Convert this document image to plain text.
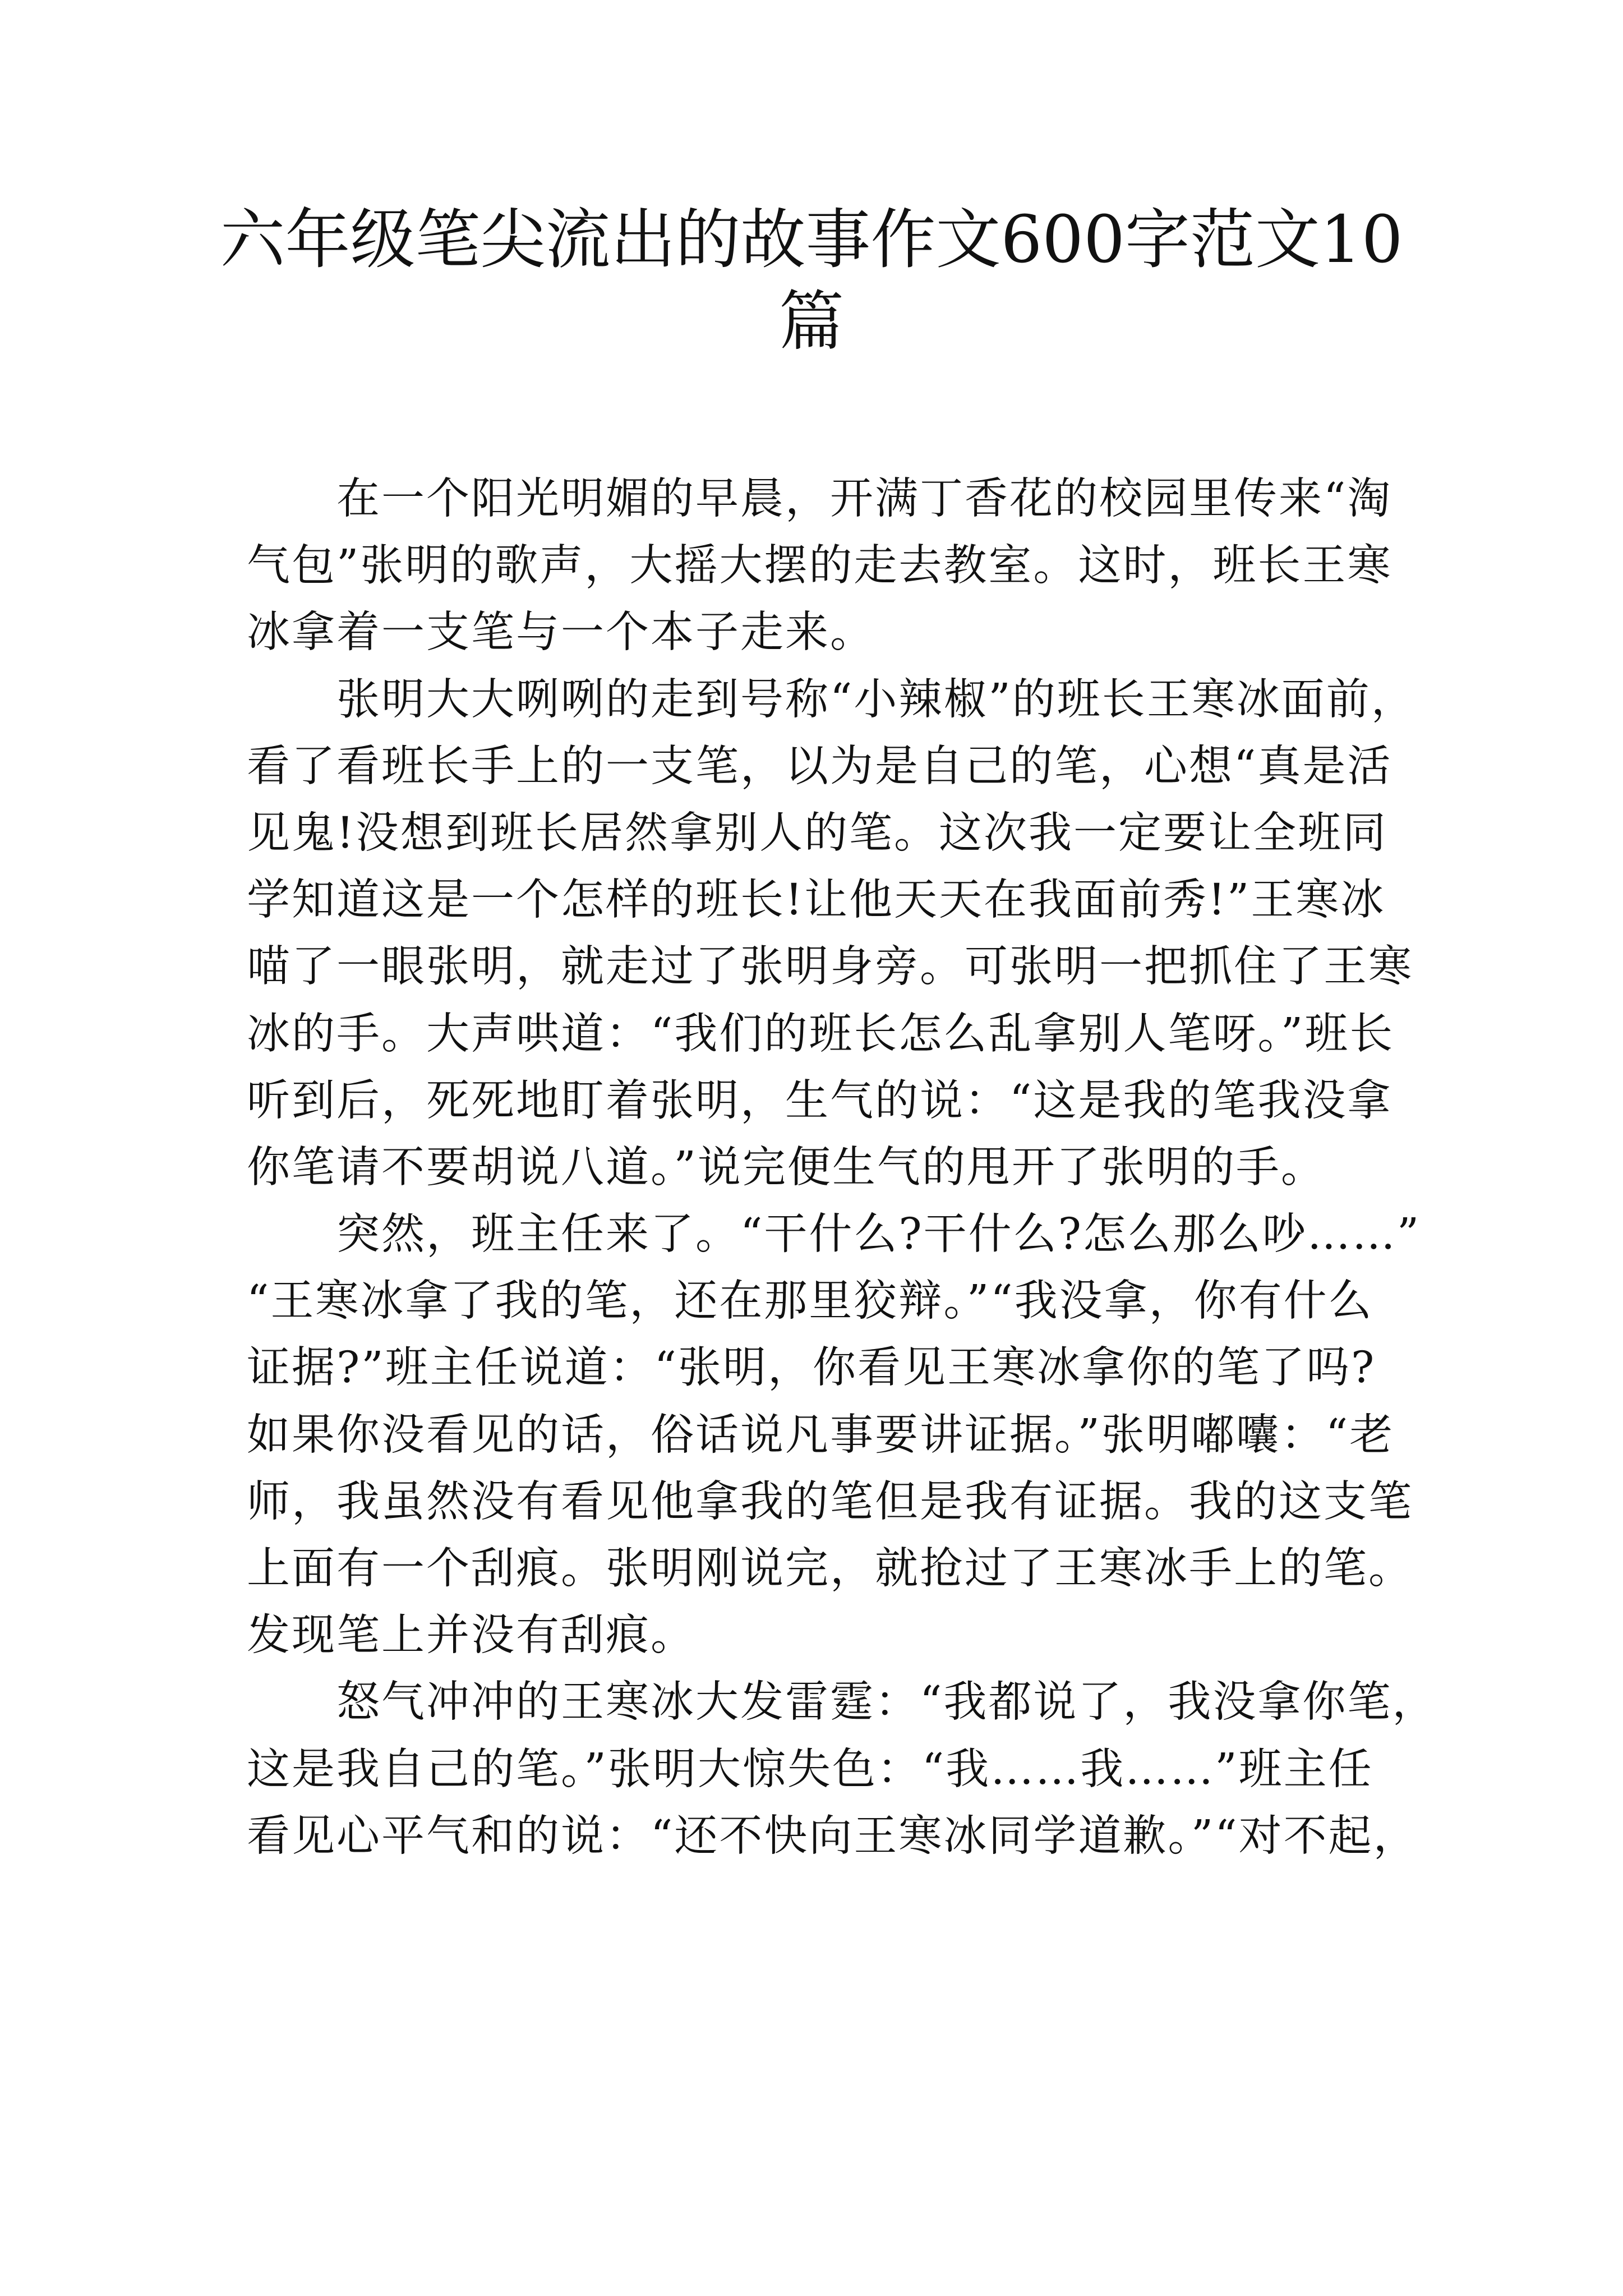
六年级笔尖流出的故事作文600字范文10
篇
在一个阳光明媚的早晨，开满丁香花的校园里传来“淘
气包”张明的歌声，大摇大摆的走去教室。这时，班长王寒
冰拿着一支笔与一个本子走来。
张明大大咧咧的走到号称“小辣椒”的班长王寒冰面前，
看了看班长手上的一支笔，以为是自己的笔，心想“真是活
见鬼!没想到班长居然拿别人的笔。这次我一定要让全班同
学知道这是一个怎样的班长!让他天天在我面前秀!”王寒冰
喵了一眼张明，就走过了张明身旁。可张明一把抓住了王寒
冰的手。大声哄道：“我们的班长怎么乱拿别人笔呀。”班长
听到后，死死地盯着张明，生气的说：“这是我的笔我没拿
你笔请不要胡说八道。”说完便生气的甩开了张明的手。
突然，班主任来了。“干什么?干什么?怎么那么吵……”
“王寒冰拿了我的笔，还在那里狡辩。”“我没拿，你有什么
证据?”班主任说道：“张明，你看见王寒冰拿你的笔了吗?
如果你没看见的话，俗话说凡事要讲证据。”张明嘟囔：“老
师，我虽然没有看见他拿我的笔但是我有证据。我的这支笔
上面有一个刮痕。张明刚说完，就抢过了王寒冰手上的笔。
发现笔上并没有刮痕。
怒气冲冲的王寒冰大发雷霆：“我都说了，我没拿你笔，
这是我自己的笔。”张明大惊失色：“我……我……”班主任
看见心平气和的说：“还不快向王寒冰同学道歉。”“对不起，
